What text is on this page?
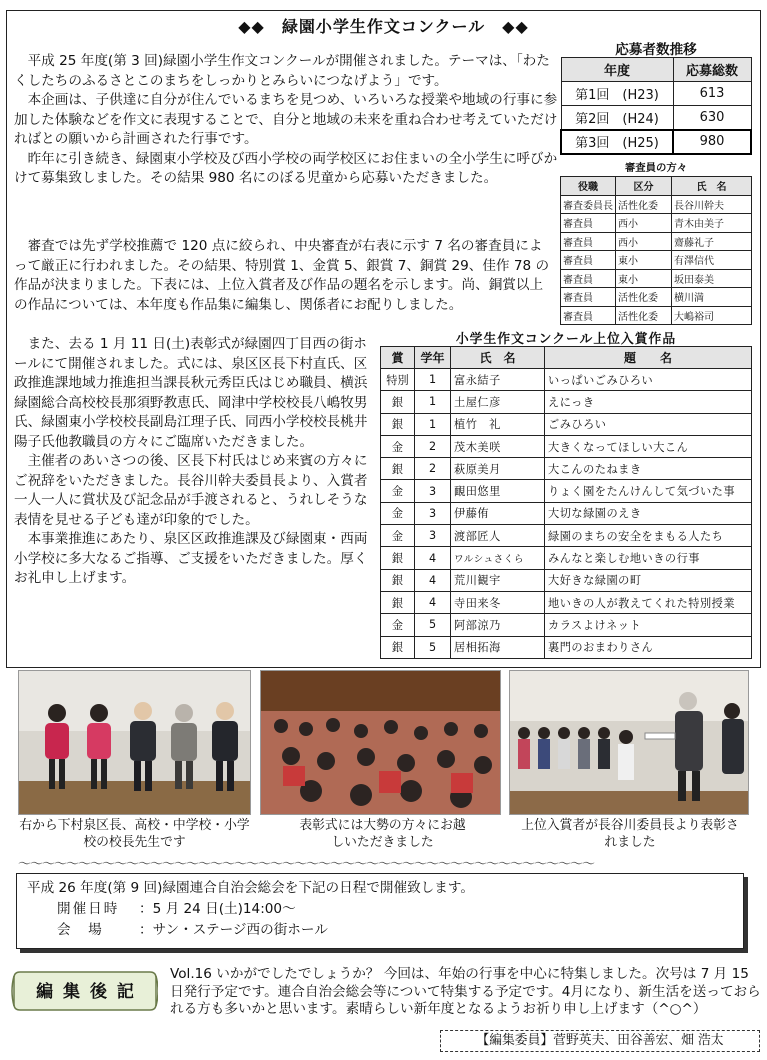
◆◆　緑園小学生作文コンクール　◆◆

平成 25 年度(第 3 回)緑園小学生作文コンクールが開催されました。テーマは、「わたくしたちのふるさとこのまちをしっかりとみらいにつなげよう」です。

本企画は、子供達に自分が住んでいるまちを見つめ、いろいろな授業や地域の行事に参加した体験などを作文に表現することで、自分と地域の未来を重ね合わせ考えていただければとの願いから計画された行事です。

昨年に引き続き、緑園東小学校及び西小学校の両学校区にお住まいの全小学生に呼びかけて募集致しました。その結果 980 名にのぼる児童から応募いただきました。

審査では先ず学校推薦で 120 点に絞られ、中央審査が右表に示す 7 名の審査員によって厳正に行われました。その結果、特別賞 1、金賞 5、銀賞 7、銅賞 29、佳作 78 の作品が決まりました。下表には、上位入賞者及び作品の題名を示します。尚、銅賞以上の作品については、本年度も作品集に編集し、関係者にお配りしました。

また、去る 1 月 11 日(土)表彰式が緑園四丁目西の街ホールにて開催されました。式には、泉区区長下村直氏、区政推進課地域力推進担当課長秋元秀臣氏はじめ職員、横浜緑園総合高校校長那須野教恵氏、岡津中学校校長八嶋牧男氏、緑園東小学校校長副島江理子氏、同西小学校校長桃井陽子氏他教職員の方々にご臨席いただきました。

主催者のあいさつの後、区長下村氏はじめ来賓の方々にご祝辞をいただきました。長谷川幹夫委員長より、入賞者一人一人に賞状及び記念品が手渡されると、うれしそうな表情を見せる子ども達が印象的でした。

本事業推進にあたり、泉区区政推進課及び緑園東・西両小学校に多大なるご指導、ご支援をいただきました。厚くお礼申し上げます。

応募者数推移
年度	応募総数
第1回　(H23)	613
第2回　(H24)	630
第3回　(H25)	980
審査員の方々
役職	区分	氏　名
審査委員長	活性化委	長谷川幹夫
審査員	西小	青木由美子
審査員	西小	齋藤礼子
審査員	東小	有澤信代
審査員	東小	坂田泰美
審査員	活性化委	横川満
審査員	活性化委	大嶋裕司
小学生作文コンクール上位入賞作品
賞	学年	氏　名	題　　名
特別	1	富永結子	いっぱいごみひろい
銀	1	土屋仁彦	えにっき
銀	1	植竹　礼	ごみひろい
金	2	茂木美咲	大きくなってほしい大こん
銀	2	萩原美月	大こんのたねまき
金	3	靦田悠里	りょく園をたんけんして気づいた事
金	3	伊藤侑	大切な緑園のえき
金	3	渡部匠人	緑園のまちの安全をまもる人たち
銀	4	ワルシュさくら	みんなと楽しむ地いきの行事
銀	4	荒川観宇	大好きな緑園の町
銀	4	寺田来冬	地いきの人が教えてくれた特別授業
金	5	阿部涼乃	カラスよけネット
銀	5	居相拓海	裏門のおまわりさん
右から下村泉区長、高校・中学校・小学校の校長先生です
表彰式には大勢の方々にお越しいただきました
上位入賞者が長谷川委員長より表彰されました
～～～～～～～～～～～～～～～～～～～～～～～～～～～～～～～～～～～～～～～～～～～～～～～～
平成 26 年度(第 9 回)緑園連合自治会総会を下記の日程で開催致します。
開催日時 ：5 月 24 日(土)14:00～
会　場	：サン・ステージ西の街ホール
編 集 後 記
Vol.16 いかがでしたでしょうか？ 今回は、年始の行事を中心に特集しました。次号は 7 月 15 日発行予定です。連合自治会総会等について特集する予定です。4月になり、新生活を送っておられる方も多いかと思います。素晴らしい新年度となるようお祈り申し上げます（^○^）
【編集委員】菅野英夫、田谷善宏、畑 浩太
